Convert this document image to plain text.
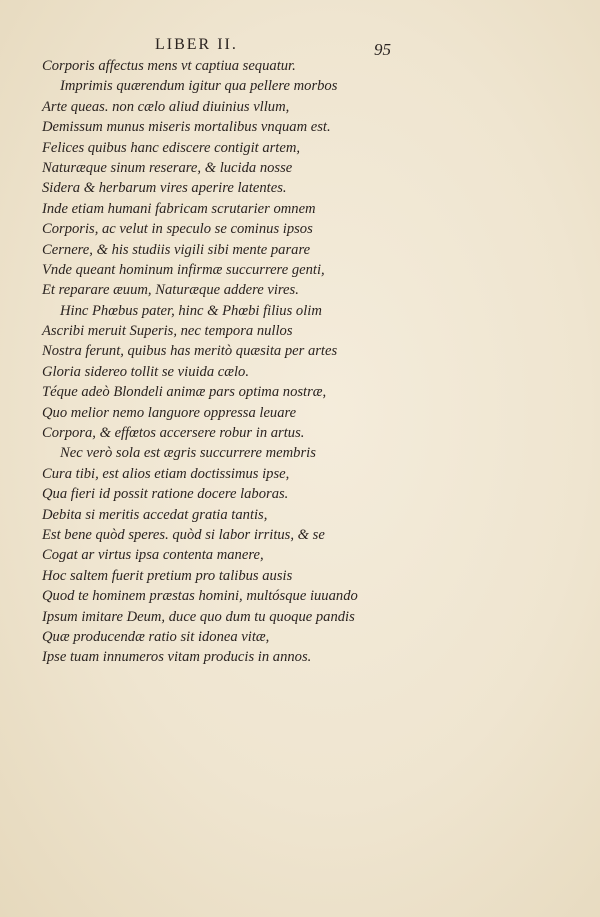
LIBER II.	95
Corporis affectus mens vt captiua sequatur.
Imprimis quærendum igitur qua pellere morbos
Arte queas. non cælo aliud diuinius vllum,
Demissum munus miseris mortalibus vnquam est.
Felices quibus hanc ediscere contigit artem,
Naturæque sinum reserare, & lucida nosse
Sidera & herbarum vires aperire latentes.
Inde etiam humani fabricam scrutarier omnem
Corporis, ac velut in speculo se cominus ipsos
Cernere, & his studiis vigili sibi mente parare
Vnde queant hominum infirmæ succurrere genti,
Et reparare æuum, Naturæque addere vires.
Hinc Phœbus pater, hinc & Phœbi filius olim
Ascribi meruit Superis, nec tempora nullos
Nostra ferunt, quibus has meritò quæsita per artes
Gloria sidereo tollit se viuida cælo.
Téque adeò Blondeli animæ pars optima nostræ,
Quo melior nemo languore oppressa leuare
Corpora, & effœtos accersere robur in artus.
Nec verò sola est ægris succurrere membris
Cura tibi, est alios etiam doctissimus ipse,
Qua fieri id possit ratione docere laboras.
Debita si meritis accedat gratia tantis,
Est bene quòd speres. quòd si labor irritus, & se
Cogat ar virtus ipsa contenta manere,
Hoc saltem fuerit pretium pro talibus ausis
Quod te hominem præstas homini, multósque iuuando
Ipsum imitare Deum, duce quo dum tu quoque pandis
Quæ producendæ ratio sit idonea vitæ,
Ipse tuam innumeros vitam producis in annos.
